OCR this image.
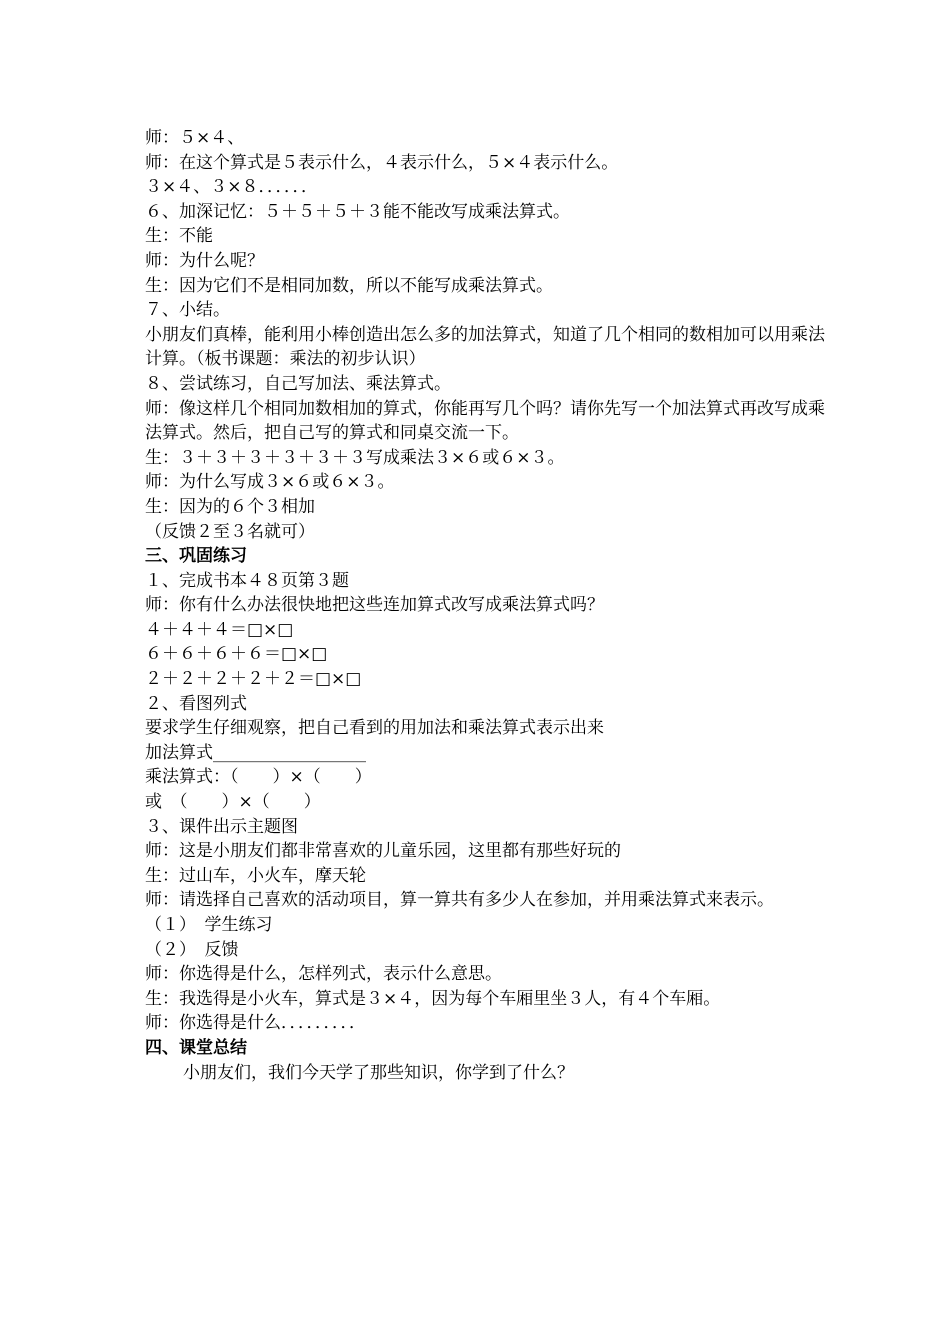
师：５×４、
师：在这个算式是５表示什么，４表示什么，５×４表示什么。
３×４、３×８．．．．．．
６、加深记忆：５＋５＋５＋３能不能改写成乘法算式。
生：不能
师：为什么呢？
生：因为它们不是相同加数，所以不能写成乘法算式。
７、小结。
小朋友们真棒，能利用小棒创造出怎么多的加法算式，知道了几个相同的数相加可以用乘法计算。（板书课题：乘法的初步认识）
８、尝试练习，自己写加法、乘法算式。
师：像这样几个相同加数相加的算式，你能再写几个吗？请你先写一个加法算式再改写成乘法算式。然后，把自己写的算式和同桌交流一下。
生：３＋３＋３＋３＋３＋３写成乘法３×６或６×３。
师：为什么写成３×６或６×３。
生：因为的６个３相加
（反馈２至３名就可）
三、巩固练习
１、完成书本４８页第３题
师：你有什么办法很快地把这些连加算式改写成乘法算式吗？
４＋４＋４＝□×□
６＋６＋６＋６＝□×□
２＋２＋２＋２＋２＝□×□
２、看图列式
要求学生仔细观察，把自己看到的用加法和乘法算式表示出来
加法算式__________________
乘法算式：（　　）×（　　）
或　（　　）×（　　）
３、课件出示主题图
师：这是小朋友们都非常喜欢的儿童乐园，这里都有那些好玩的
生：过山车，小火车，摩天轮
师：请选择自己喜欢的活动项目，算一算共有多少人在参加，并用乘法算式来表示。
（１）　学生练习
（２）　反馈
师：你选得是什么，怎样列式，表示什么意思。
生：我选得是小火车，算式是３×４，因为每个车厢里坐３人，有４个车厢。
师：你选得是什么．．．．．．．．．
四、课堂总结
小朋友们，我们今天学了那些知识，你学到了什么？
